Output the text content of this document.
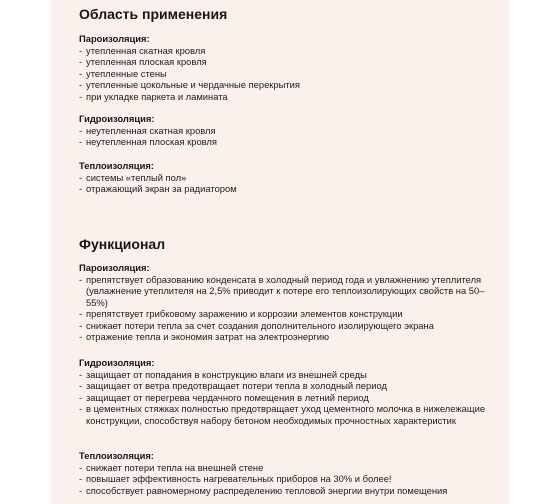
Область применения

Пароизоляция:

- утепленная скатная кровля
- утепленная плоская кровля
- утепленные стены
- утепленные цокольные и чердачные перекрытия
- при укладке паркета и ламината

Гидроизоляция:

- неутепленная скатная кровля
- неутепленная плоская кровля

Теплоизоляция:

- системы «теплый пол»
- отражающий экран за радиатором
Функционал

Пароизоляция:

- препятствует образованию конденсата в холодный период года и увлажнению утеплителя (увлажнение утеплителя на 2,5% приводит к потере его теплоизолирующих свойств на 50–55%)
- препятствует грибковому заражению и коррозии элементов конструкции
- снижает потери тепла за счет создания дополнительного изолирующего экрана
- отражение тепла и экономия затрат на электроэнергию

Гидроизоляция:

- защищает от попадания в конструкцию влаги из внешней среды
- защищает от ветра предотвращает потери тепла в холодный период
- защищает от перегрева чердачного помещения в летний период
- в цементных стяжках полностью предотвращает уход цементного молочка в нижележащие конструкции, способствуя набору бетоном необходимых прочностных характеристик

Теплоизоляция:

- снижает потери тепла на внешней стене
- повышает эффективность нагревательных приборов на 30% и более!
- способствует равномерному распределению тепловой энергии внутри помещения
